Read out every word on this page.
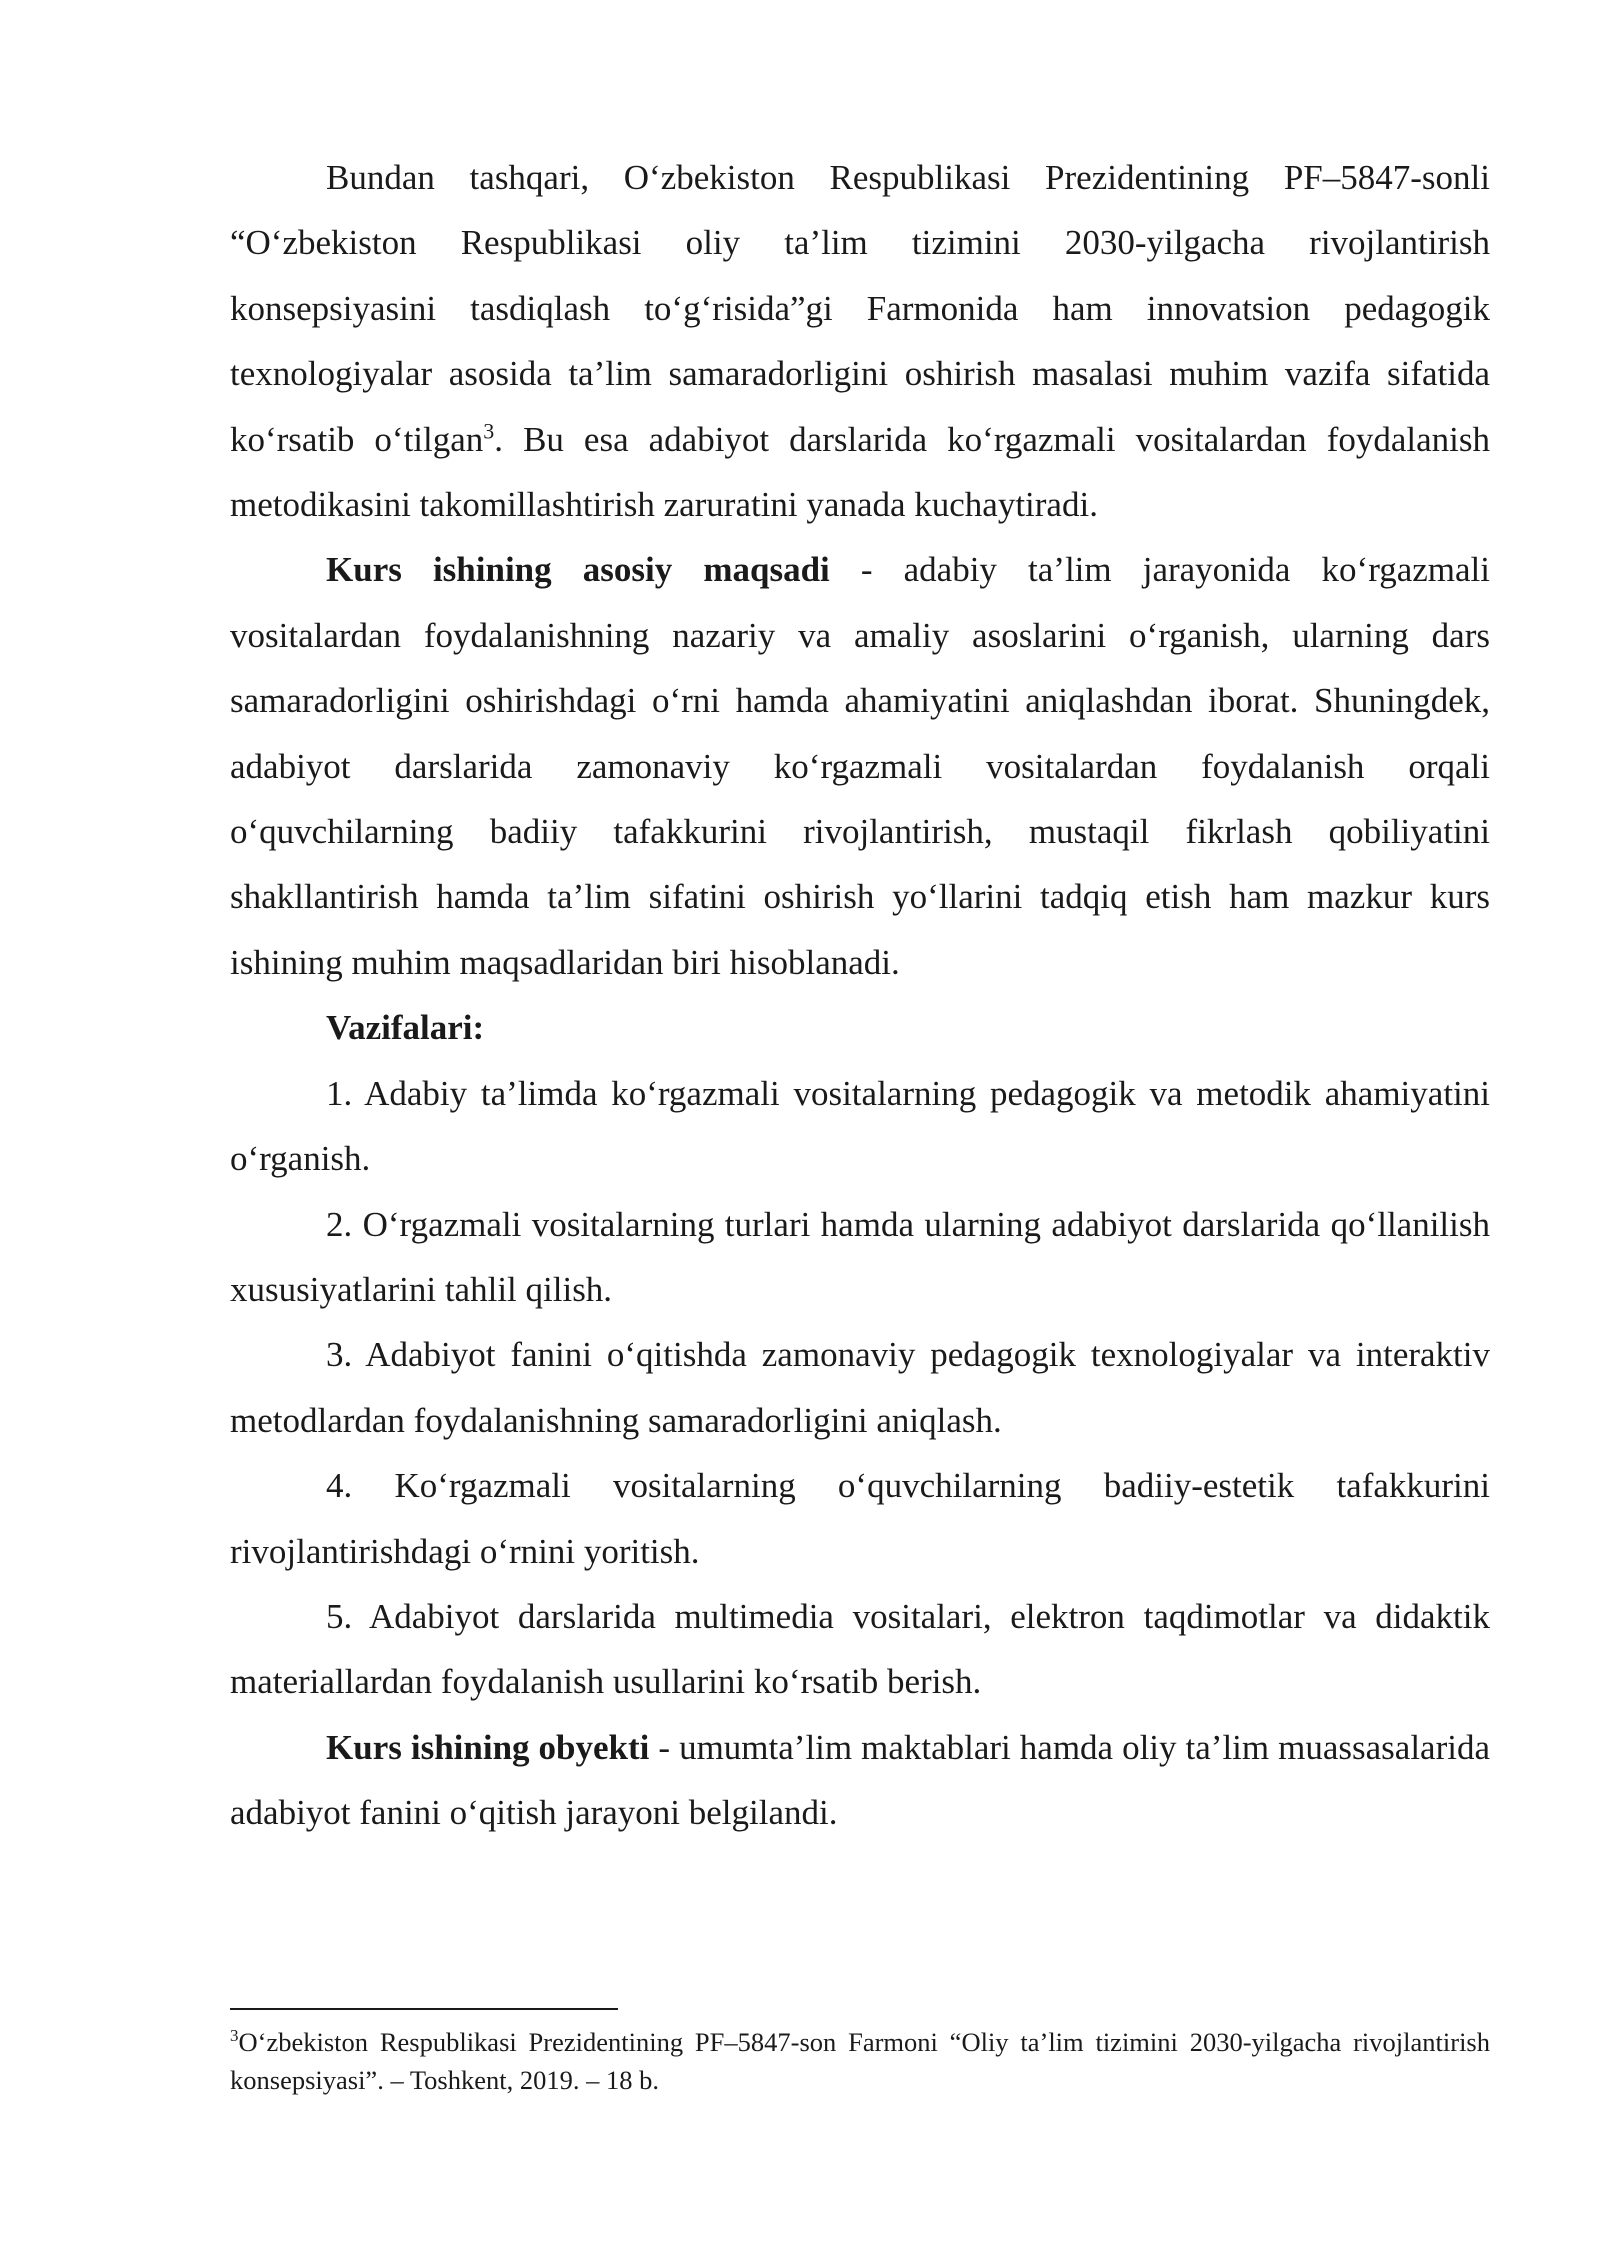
Bundan tashqari, O‘zbekiston Respublikasi Prezidentining PF–5847-sonli “O‘zbekiston Respublikasi oliy ta’lim tizimini 2030-yilgacha rivojlantirish konsepsiyasini tasdiqlash to‘g‘risida”gi Farmonida ham innovatsion pedagogik texnologiyalar asosida ta’lim samaradorligini oshirish masalasi muhim vazifa sifatida ko‘rsatib o‘tilgan$^3$. Bu esa adabiyot darslarida ko‘rgazmali vositalardan foydalanish metodikasini takomillashtirish zaruratini yanada kuchaytiradi.

Kurs ishining asosiy maqsadi - adabiy ta’lim jarayonida ko‘rgazmali vositalardan foydalanishning nazariy va amaliy asoslarini o‘rganish, ularning dars samaradorligini oshirishdagi o‘rni hamda ahamiyatini aniqlashdan iborat. Shuningdek, adabiyot darslarida zamonaviy ko‘rgazmali vositalardan foydalanish orqali o‘quvchilarning badiiy tafakkurini rivojlantirish, mustaqil fikrlash qobiliyatini shakllantirish hamda ta’lim sifatini oshirish yo‘llarini tadqiq etish ham mazkur kurs ishining muhim maqsadlaridan biri hisoblanadi.

Vazifalari:

1. Adabiy ta’limda ko‘rgazmali vositalarning pedagogik va metodik ahamiyatini o‘rganish.

2. O‘rgazmali vositalarning turlari hamda ularning adabiyot darslarida qo‘llanilish xususiyatlarini tahlil qilish.

3. Adabiyot fanini o‘qitishda zamonaviy pedagogik texnologiyalar va interaktiv metodlardan foydalanishning samaradorligini aniqlash.

4. Ko‘rgazmali vositalarning o‘quvchilarning badiiy-estetik tafakkurini rivojlantirishdagi o‘rnini yoritish.

5. Adabiyot darslarida multimedia vositalari, elektron taqdimotlar va didaktik materiallardan foydalanish usullarini ko‘rsatib berish.

Kurs ishining obyekti - umumta’lim maktablari hamda oliy ta’lim muassasalarida adabiyot fanini o‘qitish jarayoni belgilandi.

$^3$O‘zbekiston Respublikasi Prezidentining PF–5847-son Farmoni “Oliy ta’lim tizimini 2030-yilgacha rivojlantirish konsepsiyasi”. – Toshkent, 2019. – 18 b.
